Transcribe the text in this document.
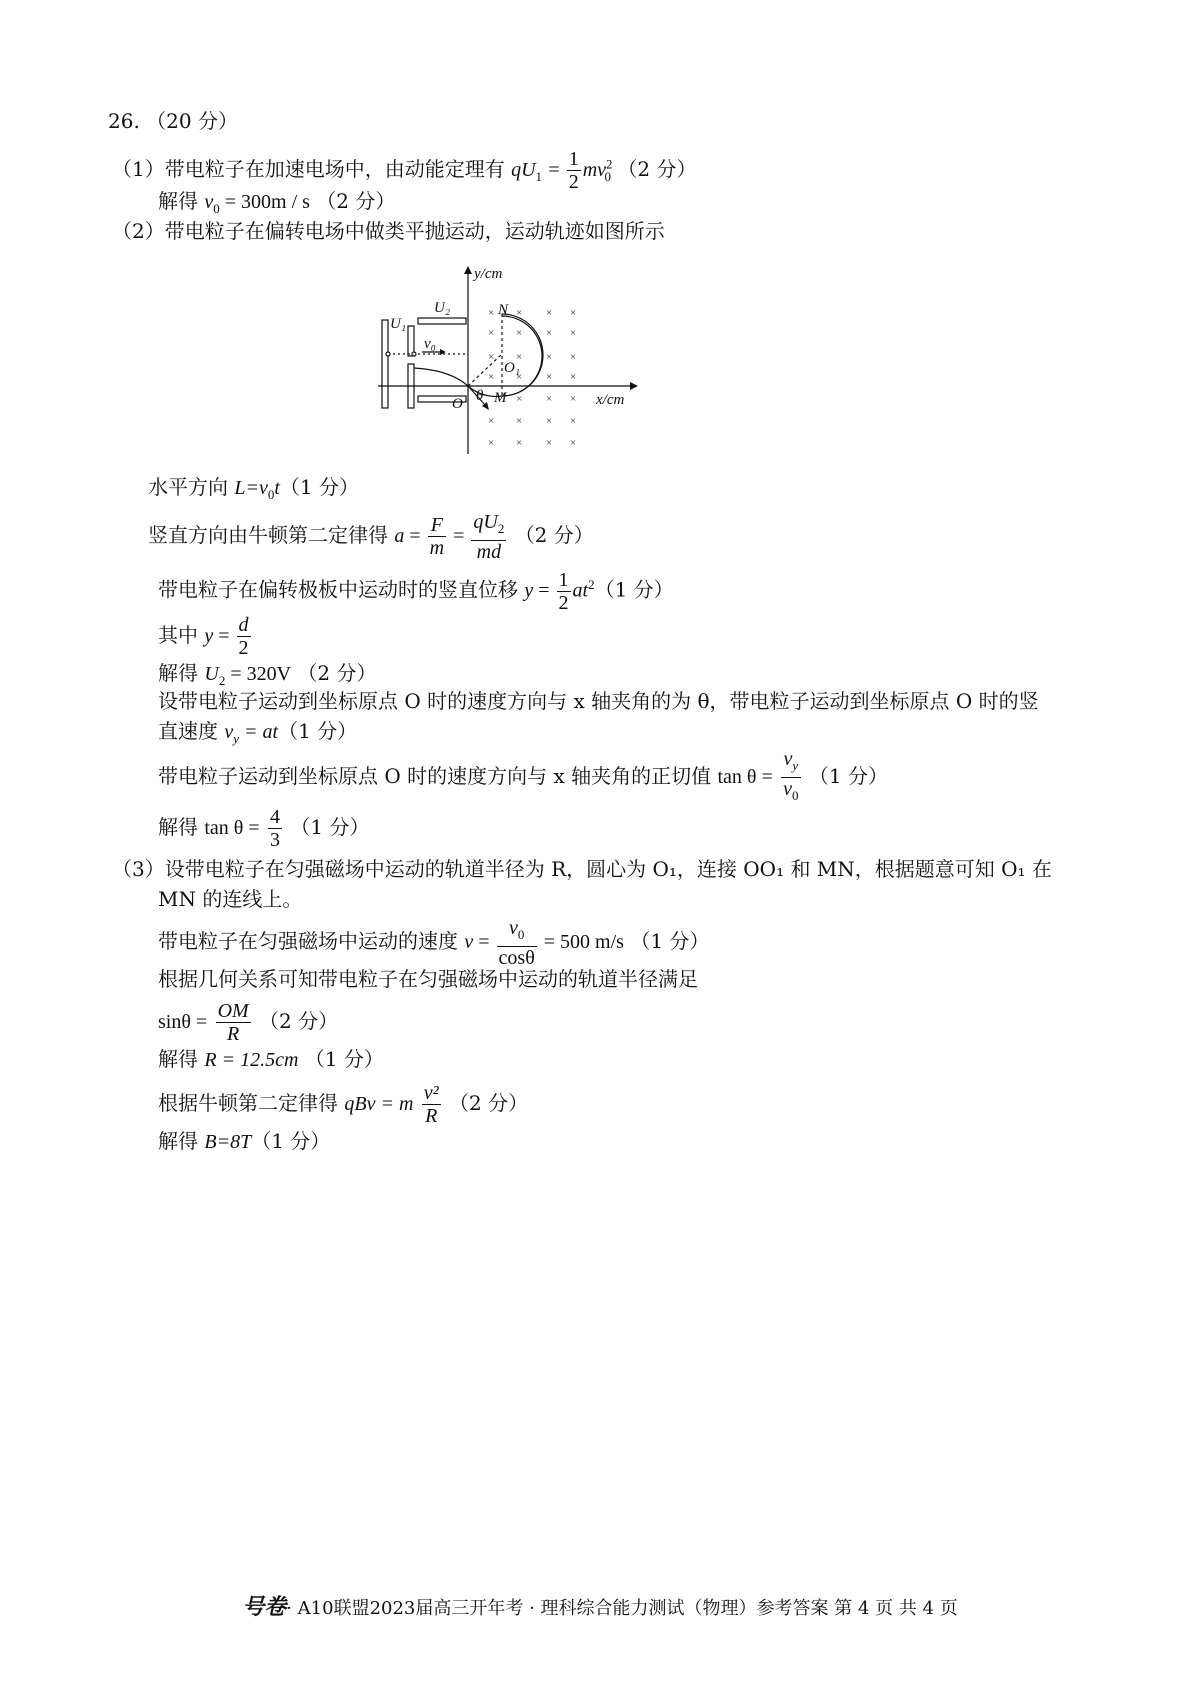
26. （20 分）
（1）带电粒子在加速电场中，由动能定理有 $qU_1 = \frac{1}{2} mv^2_0$ （2 分）
解得 $v_0 = 300m / s$ （2 分）
（2）带电粒子在偏转电场中做类平抛运动，运动轨迹如图所示
× × × ×
× × × ×
× × × ×
× × × ×
× × ×
× × × ×
× × × ×
y/cm
x/cm
U₂
U₁
v₀
N
O₁
M
O θ
水平方向 $L=v_0t(1$ 分）
竖直方向由牛顿第二定律得 $a = \frac{F}{m} = \frac{qU_2}{md} (2$ 分）
带电粒子在偏转极板中运动时的竖直位移 $y = \frac{1}{2} at^2(1$ 分）
其中 $y = \frac{d}{2}$
解得 $U_2 = 320V$ （2 分）
设带电粒子运动到坐标原点 O 时的速度方向与 x 轴夹角的为 θ，带电粒子运动到坐标原点 O 时的竖
直速度 $v_y = at(1$ 分）
带电粒子运动到坐标原点 O 时的速度方向与 x 轴夹角的正切值 $\tan \theta = \frac{v_y}{v_0} (1$ 分）
解得 $\tan \theta = \frac{4}{3} (1$ 分）
（3）设带电粒子在匀强磁场中运动的轨道半径为 R，圆心为 O₁，连接 OO₁ 和 MN，根据题意可知 O₁ 在
MN 的连线上。
带电粒子在匀强磁场中运动的速度 $v = \frac{v_0}{\cos\theta} = 500$ m/s （1 分）
根据几何关系可知带电粒子在匀强磁场中运动的轨道半径满足
$\sin\theta = \frac{OM}{R} (2$ 分）
解得 R = 12.5cm （1 分）
根据牛顿第二定律得 qBv = m $\frac{\text{v²}}{R} (2$ 分）
解得 B=8T（1 分）
号卷· A10联盟2023届高三开年考 · 理科综合能力测试（物理）参考答案 第 4 页 共 4 页
